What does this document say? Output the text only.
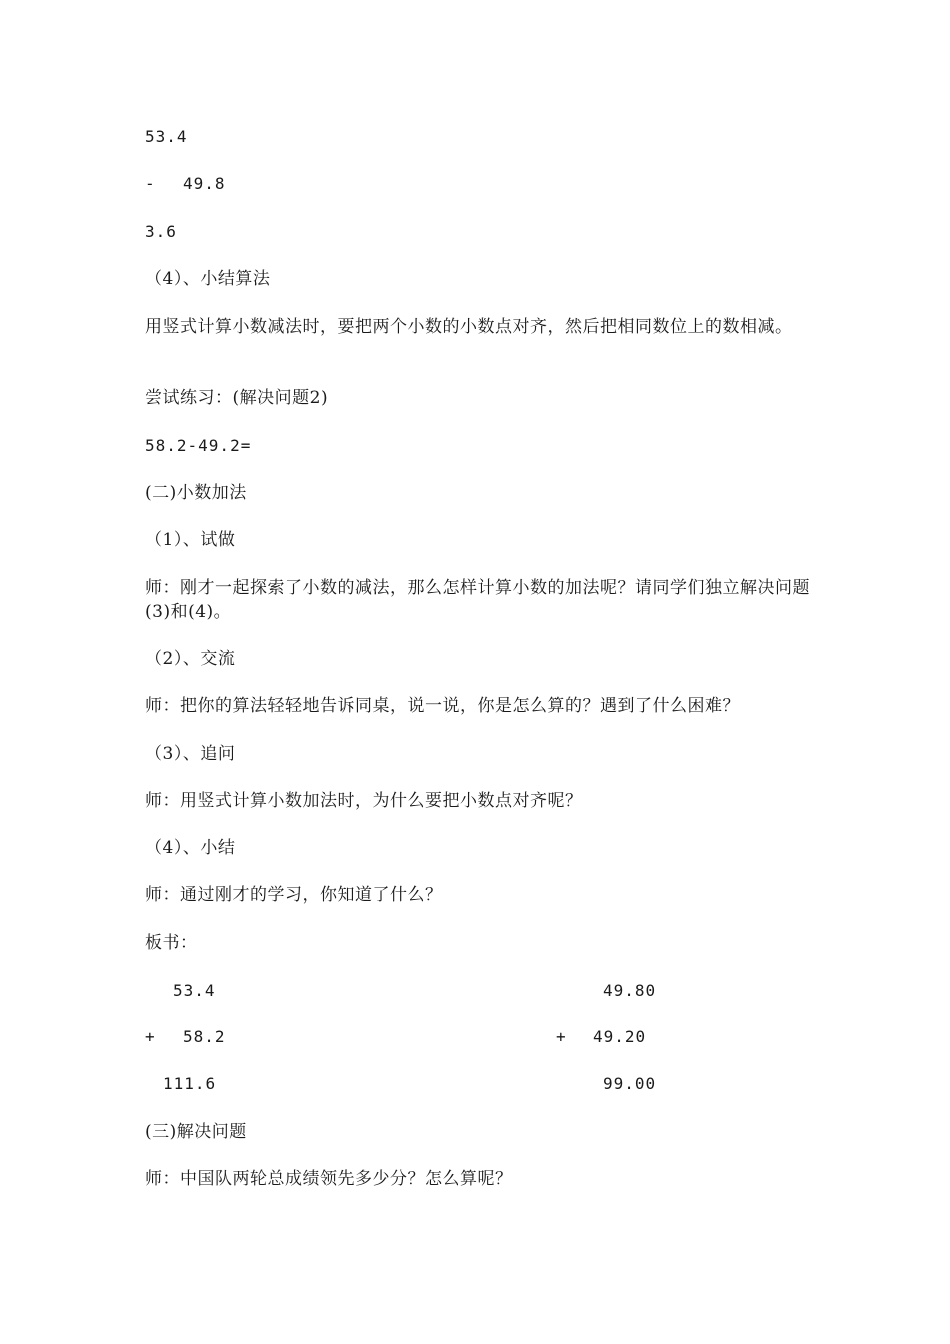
53.4
- 49.8
3.6
（4）、小结算法
用竖式计算小数减法时，要把两个小数的小数点对齐，然后把相同数位上的数相减。
尝试练习：(解决问题2)
58.2-49.2=
(二)小数加法
（1）、试做
师：刚才一起探索了小数的减法，那么怎样计算小数的加法呢？请同学们独立解决问题(3)和(4)。
（2）、交流
师：把你的算法轻轻地告诉同桌，说一说，你是怎么算的？遇到了什么困难？
（3）、追问
师：用竖式计算小数加法时，为什么要把小数点对齐呢？
（4）、小结
师：通过刚才的学习，你知道了什么？
板书：
53.4
+ 58.2
111.6
49.80
+ 49.20
99.00
(三)解决问题
师：中国队两轮总成绩领先多少分？怎么算呢？
